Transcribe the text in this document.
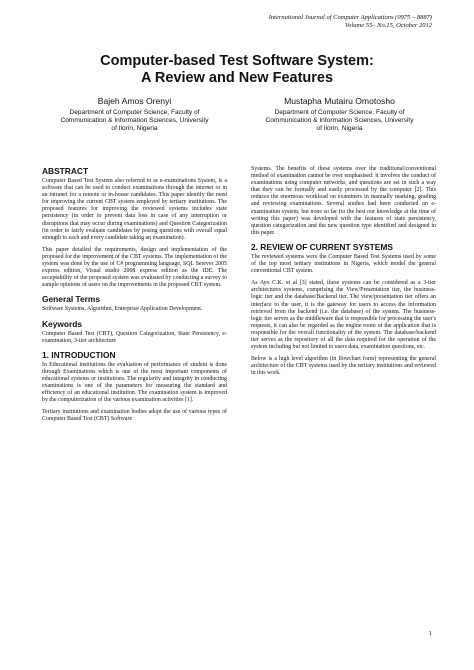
International Journal of Computer Applications (0975 – 8887)
Volume 55– No.15, October 2012
Computer-based Test Software System:
A Review and New Features
Bajeh Amos Orenyi
Department of Computer Science, Faculty of
Communication & Information Sciences, University
of Ilorin, Nigeria
Mustapha Mutairu Omotosho
Department of Computer Science, Faculty of
Communication & Information Sciences, University
of Ilorin, Nigeria
ABSTRACT

Computer Based Test System also referred to as e-examinations System, is a software that can be used to conduct examinations through the internet or in an intranet for a remote or in-house candidates. This paper identify the need for improving the current CBT system employed by tertiary institutions. The proposed features for improving the reviewed systems includes state persistency (in order to prevent data loss in case of any interruption or disruptions that may occur during examinations) and Question Categorization (in order to fairly evaluate candidates by posing questions with overall equal strength to each and every candidate taking an examination).

This paper detailed the requirements, design and implementation of the proposed for the improvement of the CBT systems. The implementation of the system was done by the use of C# programming language, SQL Serever 2005 express edition, Visual studio 2008 express edition as the IDE. The acceptability of the proposed system was evaluated by conducting a survey to sample opinions of users on the improvements in the proposed CBT system.

General Terms

Software Systems, Algorithm, Enterprise Application Development.

Keywords

Computer Based Test (CBT), Question Categorization, State Persistency, e-examination, 3-tier architecture

1. INTRODUCTION

In Educational institutions the evaluation of performance of student is done through Examinations which is one of the most important components of educational systems or institutions. The regularity and integrity in conducting examinations is one of the parameters for measuring the standard and efficiency of an educational institution. The examination system is improved by the computerization of the various examination activities [1].

Tertiary institutions and examination bodies adopt the use of various types of Computer Based Test (CBT) Software

Systems. The benefits of these systems over the traditional/conventional method of examination cannot be over emphasised: it involves the conduct of examinations using computer networks, and questions are set in such a way that they can be formally and easily processed by the computer [2]. This reduces the enormous workload on examiners in manually marking, grading and reviewing examinations. Several studies had been conducted on e-examination system, but none so far (to the best our knowledge at the time of writing this paper) was developed with the features of state persistency, question categorization and the new question type identified and designed in this paper.

2. REVIEW OF CURRENT SYSTEMS

The reviewed systems were the Computer Based Test Systems used by some of the top most tertiary institutions in Nigeria, which model the general conventional CBT system.

As Ayo C.K. et al [3] stated, these systems can be considered as a 3-tier architectures systems, comprising the View/Presentation tier, the business-logic tier and the database/Backend tier. The view/presentation tier offers an interface to the user, it is the gateway for users to access the information retrieved from the backend (i.e. the database) of the system. The business-logic tier serves as the middleware that is responsible for processing the user's requests, it can also be regarded as the engine room of the application that is responsible for the overall functionality of the system. The database/backend tier serves as the repository of all the data required for the operation of the system including but not limited to users data, examination questions, etc.

Below is a high level algorithm (in flowchart form) representing the general architecture of the CBT systems used by the tertiary institutions and reviewed in this work.

1
